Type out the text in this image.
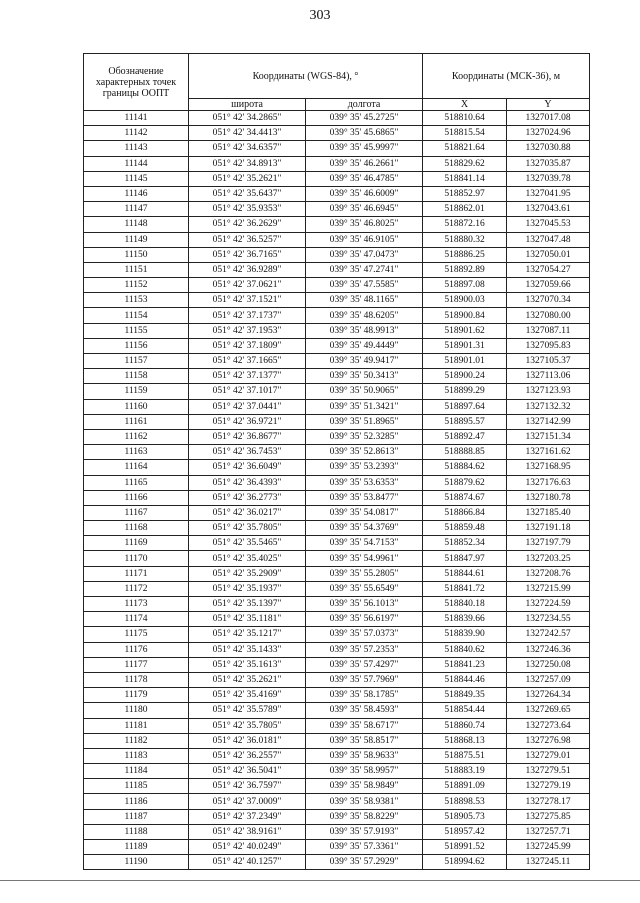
303
Обозначение характерных точек границы ООПТ	Координаты (WGS-84), °		Координаты (МСК-36), м	
	широта	долгота	X	Y
11141	051° 42' 34.2865"	039° 35' 45.2725"	518810.64	1327017.08
11142	051° 42' 34.4413"	039° 35' 45.6865"	518815.54	1327024.96
11143	051° 42' 34.6357"	039° 35' 45.9997"	518821.64	1327030.88
11144	051° 42' 34.8913"	039° 35' 46.2661"	518829.62	1327035.87
11145	051° 42' 35.2621"	039° 35' 46.4785"	518841.14	1327039.78
11146	051° 42' 35.6437"	039° 35' 46.6009"	518852.97	1327041.95
11147	051° 42' 35.9353"	039° 35' 46.6945"	518862.01	1327043.61
11148	051° 42' 36.2629"	039° 35' 46.8025"	518872.16	1327045.53
11149	051° 42' 36.5257"	039° 35' 46.9105"	518880.32	1327047.48
11150	051° 42' 36.7165"	039° 35' 47.0473"	518886.25	1327050.01
11151	051° 42' 36.9289"	039° 35' 47.2741"	518892.89	1327054.27
11152	051° 42' 37.0621"	039° 35' 47.5585"	518897.08	1327059.66
11153	051° 42' 37.1521"	039° 35' 48.1165"	518900.03	1327070.34
11154	051° 42' 37.1737"	039° 35' 48.6205"	518900.84	1327080.00
11155	051° 42' 37.1953"	039° 35' 48.9913"	518901.62	1327087.11
11156	051° 42' 37.1809"	039° 35' 49.4449"	518901.31	1327095.83
11157	051° 42' 37.1665"	039° 35' 49.9417"	518901.01	1327105.37
11158	051° 42' 37.1377"	039° 35' 50.3413"	518900.24	1327113.06
11159	051° 42' 37.1017"	039° 35' 50.9065"	518899.29	1327123.93
11160	051° 42' 37.0441"	039° 35' 51.3421"	518897.64	1327132.32
11161	051° 42' 36.9721"	039° 35' 51.8965"	518895.57	1327142.99
11162	051° 42' 36.8677"	039° 35' 52.3285"	518892.47	1327151.34
11163	051° 42' 36.7453"	039° 35' 52.8613"	518888.85	1327161.62
11164	051° 42' 36.6049"	039° 35' 53.2393"	518884.62	1327168.95
11165	051° 42' 36.4393"	039° 35' 53.6353"	518879.62	1327176.63
11166	051° 42' 36.2773"	039° 35' 53.8477"	518874.67	1327180.78
11167	051° 42' 36.0217"	039° 35' 54.0817"	518866.84	1327185.40
11168	051° 42' 35.7805"	039° 35' 54.3769"	518859.48	1327191.18
11169	051° 42' 35.5465"	039° 35' 54.7153"	518852.34	1327197.79
11170	051° 42' 35.4025"	039° 35' 54.9961"	518847.97	1327203.25
11171	051° 42' 35.2909"	039° 35' 55.2805"	518844.61	1327208.76
11172	051° 42' 35.1937"	039° 35' 55.6549"	518841.72	1327215.99
11173	051° 42' 35.1397"	039° 35' 56.1013"	518840.18	1327224.59
11174	051° 42' 35.1181"	039° 35' 56.6197"	518839.66	1327234.55
11175	051° 42' 35.1217"	039° 35' 57.0373"	518839.90	1327242.57
11176	051° 42' 35.1433"	039° 35' 57.2353"	518840.62	1327246.36
11177	051° 42' 35.1613"	039° 35' 57.4297"	518841.23	1327250.08
11178	051° 42' 35.2621"	039° 35' 57.7969"	518844.46	1327257.09
11179	051° 42' 35.4169"	039° 35' 58.1785"	518849.35	1327264.34
11180	051° 42' 35.5789"	039° 35' 58.4593"	518854.44	1327269.65
11181	051° 42' 35.7805"	039° 35' 58.6717"	518860.74	1327273.64
11182	051° 42' 36.0181"	039° 35' 58.8517"	518868.13	1327276.98
11183	051° 42' 36.2557"	039° 35' 58.9633"	518875.51	1327279.01
11184	051° 42' 36.5041"	039° 35' 58.9957"	518883.19	1327279.51
11185	051° 42' 36.7597"	039° 35' 58.9849"	518891.09	1327279.19
11186	051° 42' 37.0009"	039° 35' 58.9381"	518898.53	1327278.17
11187	051° 42' 37.2349"	039° 35' 58.8229"	518905.73	1327275.85
11188	051° 42' 38.9161"	039° 35' 57.9193"	518957.42	1327257.71
11189	051° 42' 40.0249"	039° 35' 57.3361"	518991.52	1327245.99
11190	051° 42' 40.1257"	039° 35' 57.2929"	518994.62	1327245.11
